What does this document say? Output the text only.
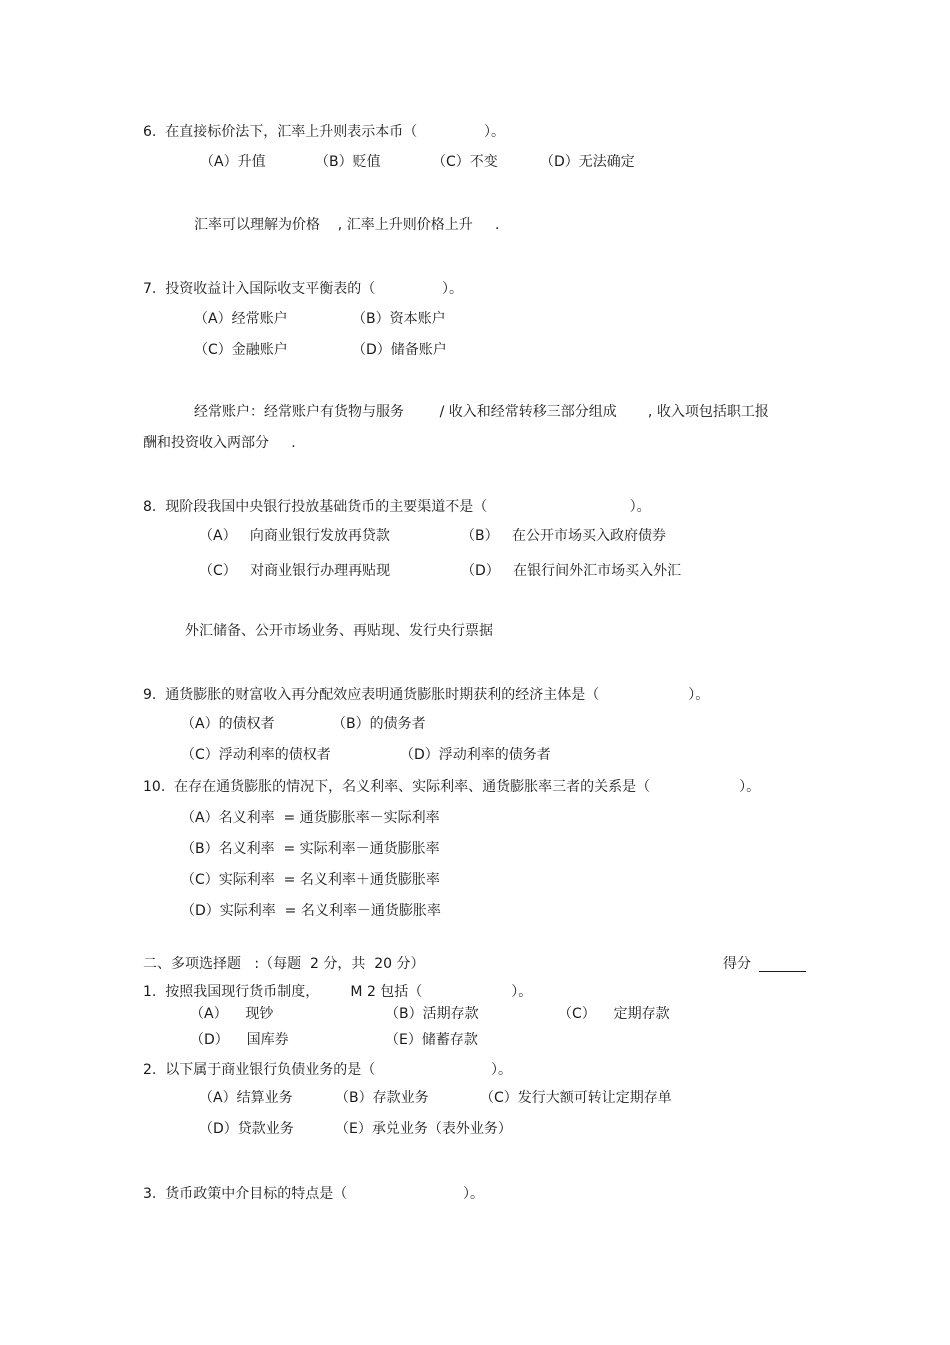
6.  在直接标价法下，汇率上升则表示本币（               ）。
（A）升值	（B）贬值	（C）不变	（D）无法确定
汇率可以理解为价格    , 汇率上升则价格上升     .
7.  投资收益计入国际收支平衡表的（               ）。
（A）经常账户	（B）资本账户
（C）金融账户	（D）储备账户
经常账户：经常账户有货物与服务        / 收入和经常转移三部分组成       , 收入项包括职工报
酬和投资收入两部分     .
8.  现阶段我国中央银行投放基础货币的主要渠道不是（                                ）。
（A）   向商业银行发放再贷款	（B）   在公开市场买入政府债券
（C）   对商业银行办理再贴现	（D）   在银行间外汇市场买入外汇
外汇储备、公开市场业务、再贴现、发行央行票据
9.  通货膨胀的财富收入再分配效应表明通货膨胀时期获利的经济主体是（                    ）。
（A）的债权者	（B）的债务者
（C）浮动利率的债权者	（D）浮动利率的债务者
10.  在存在通货膨胀的情况下，名义利率、实际利率、通货膨胀率三者的关系是（                    ）。
（A）名义利率  = 通货膨胀率－实际利率
（B）名义利率  = 实际利率－通货膨胀率
（C）实际利率  = 名义利率＋通货膨胀率
（D）实际利率  = 名义利率－通货膨胀率
二、多项选择题   :（每题  2 分，共  20 分）	得分
1.  按照我国现行货币制度，       M 2 包括（                    ）。
（A）    现钞	（B）活期存款	（C）    定期存款
（D）    国库券	（E）储蓄存款
2.  以下属于商业银行负债业务的是（                          ）。
（A）结算业务	（B）存款业务	（C）发行大额可转让定期存单
（D）贷款业务	（E）承兑业务（表外业务）
3.  货币政策中介目标的特点是（                          ）。
